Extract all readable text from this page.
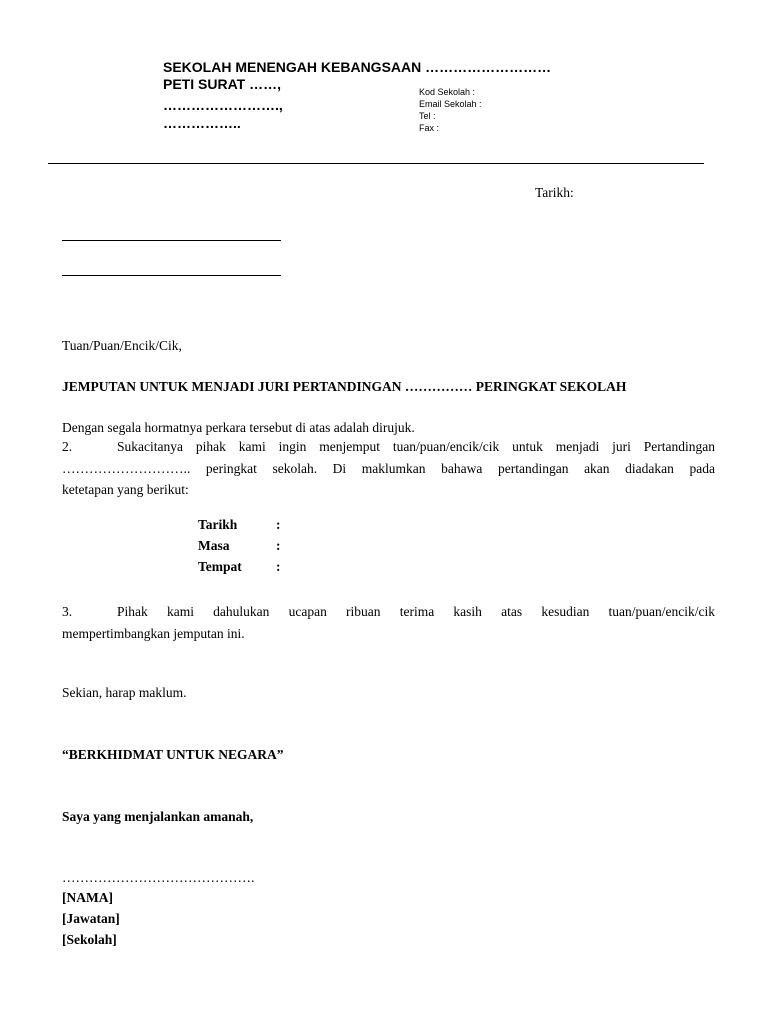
SEKOLAH MENENGAH KEBANGSAAN ………………………
PETI SURAT ……,
…………………….,
……………..
Kod Sekolah :
Email Sekolah :
Tel :
Fax :
Tarikh:
Tuan/Puan/Encik/Cik,
JEMPUTAN UNTUK MENJADI JURI PERTANDINGAN …………… PERINGKAT SEKOLAH
Dengan segala hormatnya perkara tersebut di atas adalah dirujuk.
2.	Sukacitanya pihak kami ingin menjemput tuan/puan/encik/cik untuk menjadi juri Pertandingan
……………………….. peringkat sekolah. Di maklumkan bahawa pertandingan akan diadakan pada
ketetapan yang berikut:
Tarikh	:
Masa	:
Tempat	:
3.	Pihak kami dahulukan ucapan ribuan terima kasih atas kesudian tuan/puan/encik/cik
mempertimbangkan jemputan ini.
Sekian, harap maklum.
“BERKHIDMAT UNTUK NEGARA”
Saya yang menjalankan amanah,
…………………………………….
[NAMA]
[Jawatan]
[Sekolah]
